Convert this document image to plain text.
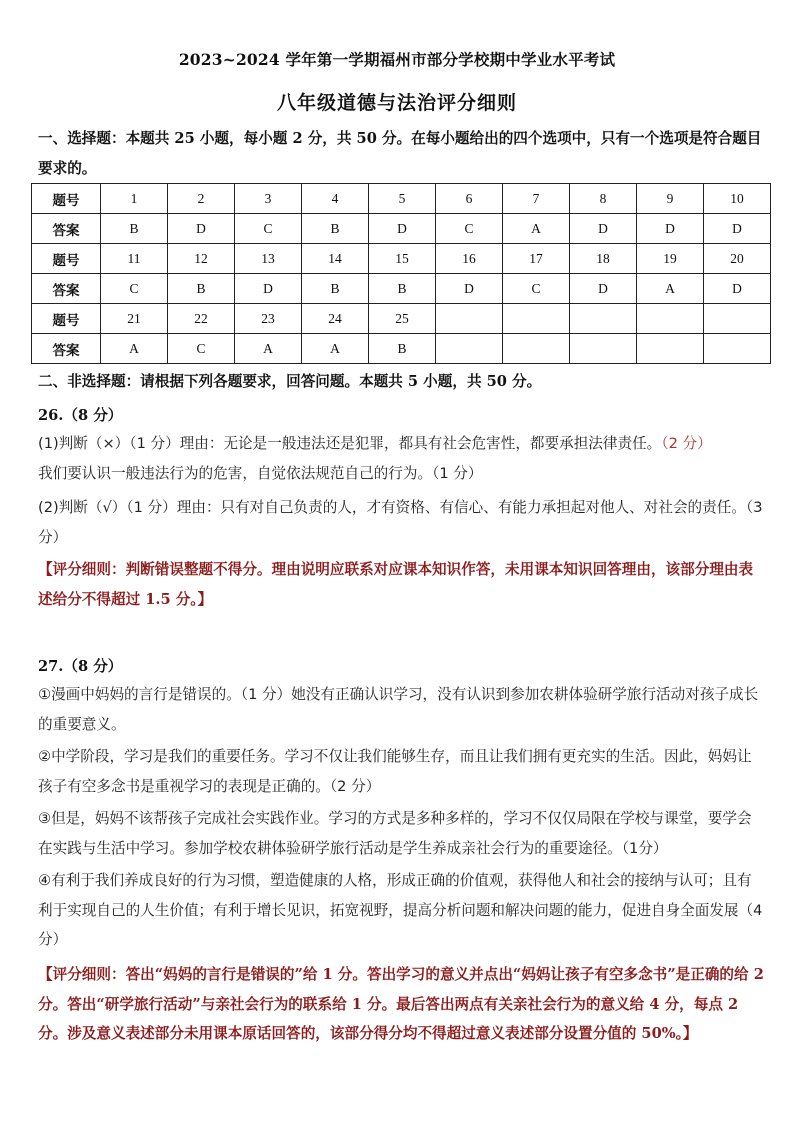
2023~2024 学年第一学期福州市部分学校期中学业水平考试
八年级道德与法治评分细则
一、选择题：本题共 25 小题，每小题 2 分，共 50 分。在每小题给出的四个选项中，只有一个选项是符合题目要求的。
题号	1	2	3	4	5	6	7	8	9	10
答案	B	D	C	B	D	C	A	D	D	D
题号	11	12	13	14	15	16	17	18	19	20
答案	C	B	D	B	B	D	C	D	A	D
题号	21	22	23	24	25					
答案	A	C	A	A	B					
二、非选择题：请根据下列各题要求，回答问题。本题共 5 小题，共 50 分。
26.（8 分）
(1)判断（×）（1 分）理由：无论是一般违法还是犯罪，都具有社会危害性，都要承担法律责任。（2 分）
我们要认识一般违法行为的危害，自觉依法规范自己的行为。（1 分）
(2)判断（√）（1 分）理由：只有对自己负责的人，才有资格、有信心、有能力承担起对他人、对社会的责任。（3 分）
【评分细则：判断错误整题不得分。理由说明应联系对应课本知识作答，未用课本知识回答理由，该部分理由表述给分不得超过 1.5 分。】
27.（8 分）
①漫画中妈妈的言行是错误的。（1 分）她没有正确认识学习，没有认识到参加农耕体验研学旅行活动对孩子成长的重要意义。
②中学阶段，学习是我们的重要任务。学习不仅让我们能够生存，而且让我们拥有更充实的生活。因此，妈妈让孩子有空多念书是重视学习的表现是正确的。（2 分）
③但是，妈妈不该帮孩子完成社会实践作业。学习的方式是多种多样的，学习不仅仅局限在学校与课堂，要学会在实践与生活中学习。参加学校农耕体验研学旅行活动是学生养成亲社会行为的重要途径。（1分）
④有利于我们养成良好的行为习惯，塑造健康的人格，形成正确的价值观，获得他人和社会的接纳与认可；且有利于实现自己的人生价值；有利于增长见识，拓宽视野，提高分析问题和解决问题的能力，促进自身全面发展（4 分）
【评分细则：答出“妈妈的言行是错误的”给 1 分。答出学习的意义并点出“妈妈让孩子有空多念书”是正确的给 2 分。答出“研学旅行活动”与亲社会行为的联系给 1 分。最后答出两点有关亲社会行为的意义给 4 分，每点 2 分。涉及意义表述部分未用课本原话回答的，该部分得分均不得超过意义表述部分设置分值的 50%。】
